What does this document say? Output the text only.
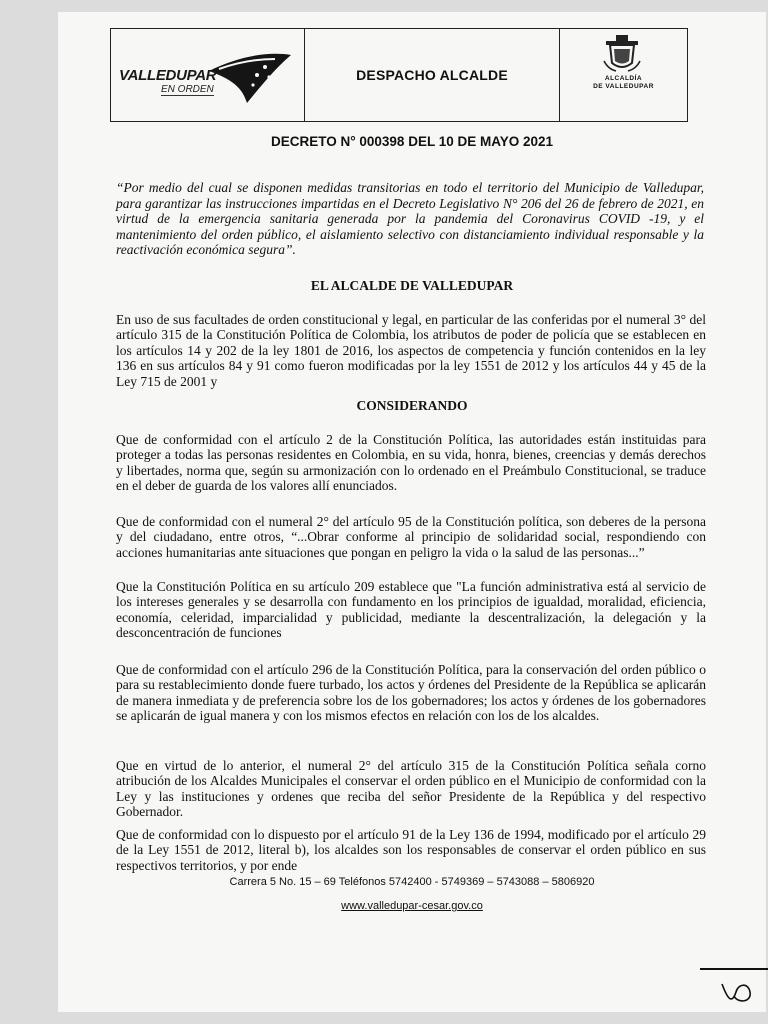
VALLEDUPAR
EN ORDEN
DESPACHO ALCALDE	ALCALDÍA
DE VALLEDUPAR
DECRETO N° 000398 DEL 10 DE MAYO 2021
“Por medio del cual se disponen medidas transitorias en todo el territorio del Municipio de Valledupar, para garantizar las instrucciones impartidas en el Decreto Legislativo N° 206 del 26 de febrero de 2021, en virtud de la emergencia sanitaria generada por la pandemia del Coronavirus COVID -19, y el mantenimiento del orden público, el aislamiento selectivo con distanciamiento individual responsable y la reactivación económica segura”.
EL ALCALDE DE VALLEDUPAR
En uso de sus facultades de orden constitucional y legal, en particular de las conferidas por el numeral 3° del artículo 315 de la Constitución Política de Colombia, los atributos de poder de policía que se establecen en los artículos 14 y 202 de la ley 1801 de 2016, los aspectos de competencia y función contenidos en la ley 136 en sus artículos 84 y 91 como fueron modificadas por la ley 1551 de 2012 y los artículos 44 y 45 de la Ley 715 de 2001 y
CONSIDERANDO
Que de conformidad con el artículo 2 de la Constitución Política, las autoridades están instituidas para proteger a todas las personas residentes en Colombia, en su vida, honra, bienes, creencias y demás derechos y libertades, norma que, según su armonización con lo ordenado en el Preámbulo Constitucional, se traduce en el deber de guarda de los valores allí enunciados.
Que de conformidad con el numeral 2° del artículo 95 de la Constitución política, son deberes de la persona y del ciudadano, entre otros, “...Obrar conforme al principio de solidaridad social, respondiendo con acciones humanitarias ante situaciones que pongan en peligro la vida o la salud de las personas...”
Que la Constitución Política en su artículo 209 establece que "La función administrativa está al servicio de los intereses generales y se desarrolla con fundamento en los principios de igualdad, moralidad, eficiencia, economía, celeridad, imparcialidad y publicidad, mediante la descentralización, la delegación y la desconcentración de funciones
Que de conformidad con el artículo 296 de la Constitución Política, para la conservación del orden público o para su restablecimiento donde fuere turbado, los actos y órdenes del Presidente de la República se aplicarán de manera inmediata y de preferencia sobre los de los gobernadores; los actos y órdenes de los gobernadores se aplicarán de igual manera y con los mismos efectos en relación con los de los alcaldes.
Que en virtud de lo anterior, el numeral 2° del artículo 315 de la Constitución Política señala corno atribución de los Alcaldes Municipales el conservar el orden público en el Municipio de conformidad con la Ley y las instituciones y ordenes que reciba del señor Presidente de la República y del respectivo Gobernador.
Que de conformidad con lo dispuesto por el artículo 91 de la Ley 136 de 1994, modificado por el artículo 29 de la Ley 1551 de 2012, literal b), los alcaldes son los responsables de conservar el orden público en sus respectivos territorios, y por ende
Carrera 5 No. 15 – 69 Teléfonos 5742400 - 5749369 – 5743088 – 5806920
www.valledupar-cesar.gov.co
